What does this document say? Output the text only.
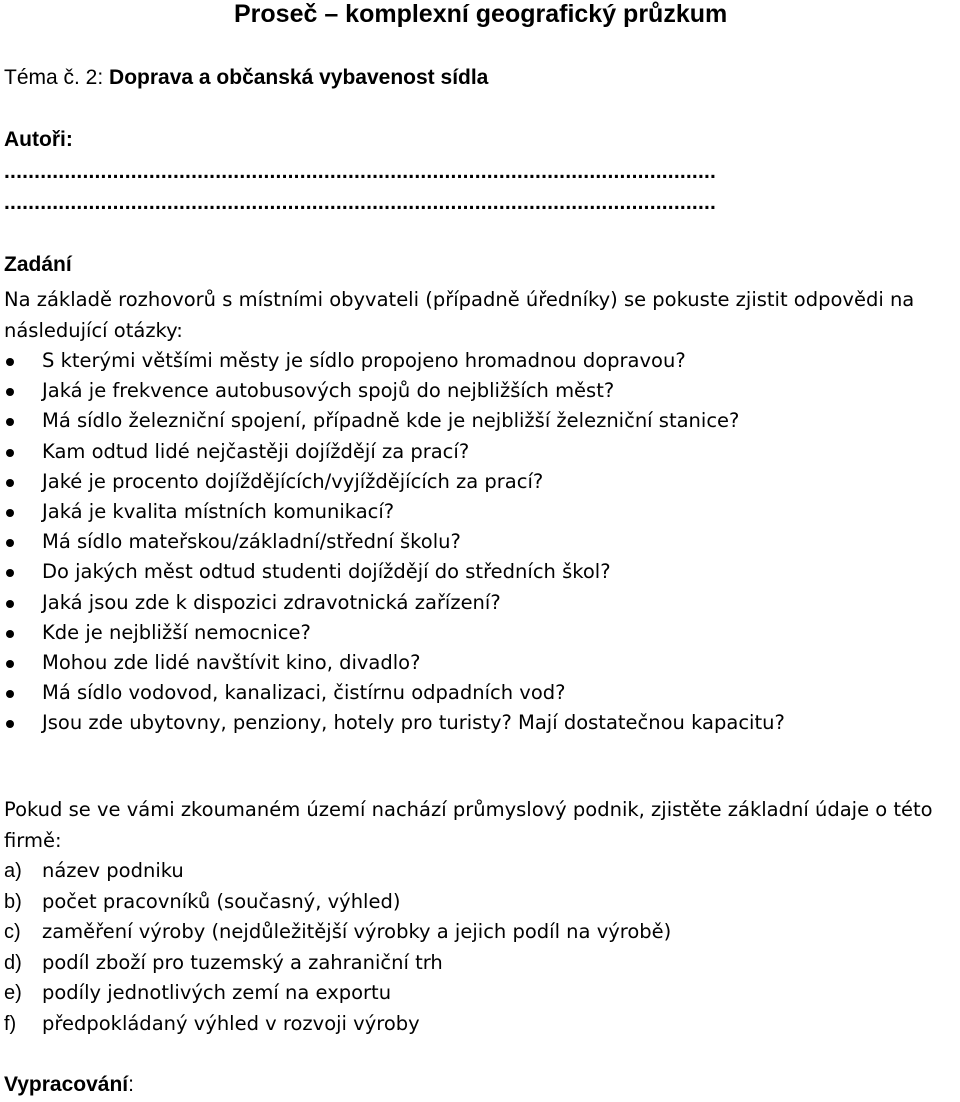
Proseč – komplexní geografický průzkum
Téma č. 2: Doprava a občanská vybavenost sídla
Autoři:
......................................................................................................................
......................................................................................................................
Zadání
Na základě rozhovorů s místními obyvateli (případně úředníky) se pokuste zjistit odpovědi na následující otázky:
S kterými většími městy je sídlo propojeno hromadnou dopravou?
Jaká je frekvence autobusových spojů do nejbližších měst?
Má sídlo železniční spojení, případně kde je nejbližší železniční stanice?
Kam odtud lidé nejčastěji dojíždějí za prací?
Jaké je procento dojíždějících/vyjíždějících za prací?
Jaká je kvalita místních komunikací?
Má sídlo mateřskou/základní/střední školu?
Do jakých měst odtud studenti dojíždějí do středních škol?
Jaká jsou zde k dispozici zdravotnická zařízení?
Kde je nejbližší nemocnice?
Mohou zde lidé navštívit kino, divadlo?
Má sídlo vodovod, kanalizaci, čistírnu odpadních vod?
Jsou zde ubytovny, penziony, hotely pro turisty? Mají dostatečnou kapacitu?
Pokud se ve vámi zkoumaném území nachází průmyslový podnik, zjistěte základní údaje o této firmě:
a) název podniku
b) počet pracovníků (současný, výhled)
c) zaměření výroby (nejdůležitější výrobky a jejich podíl na výrobě)
d) podíl zboží pro tuzemský a zahraniční trh
e) podíly jednotlivých zemí na exportu
f) předpokládaný výhled v rozvoji výroby
Vypracování:
